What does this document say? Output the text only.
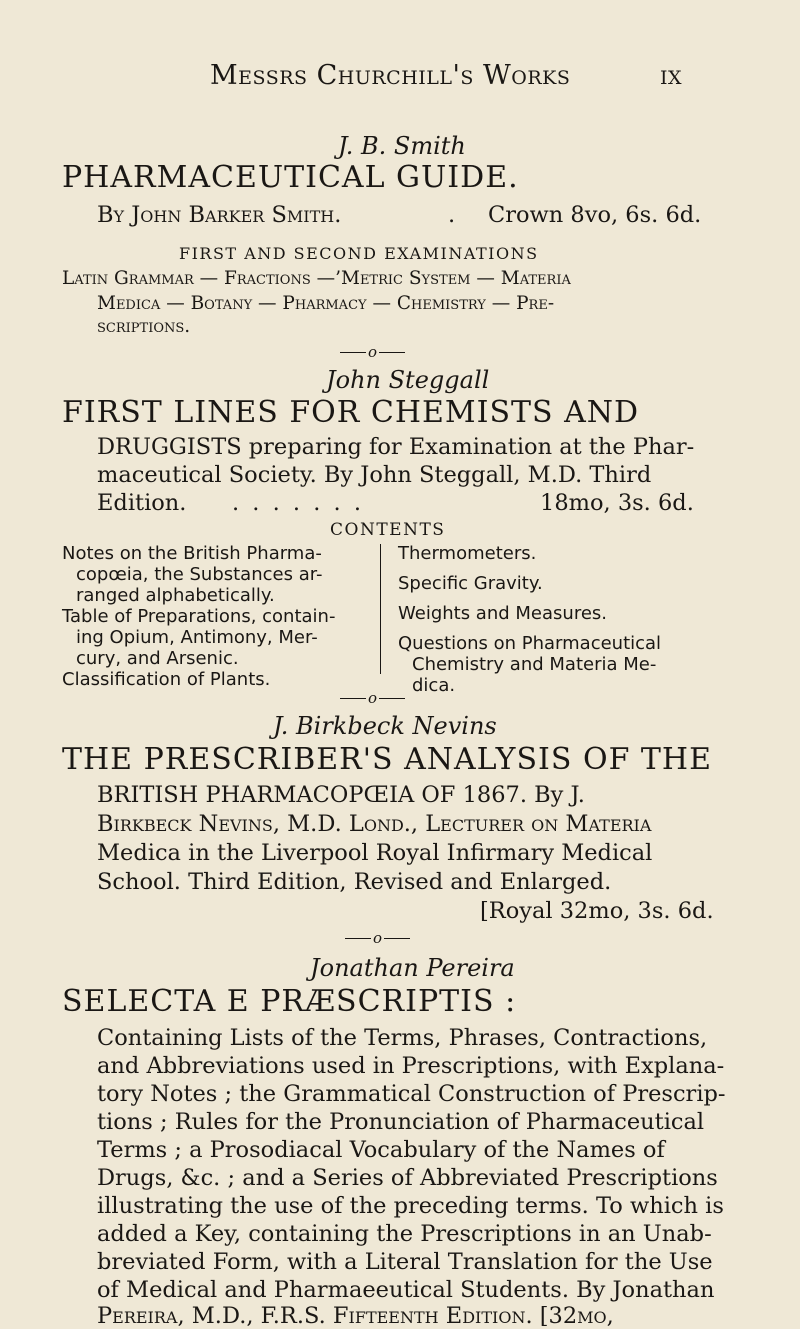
Messrs Churchill's Works	ix
J. B. Smith
PHARMACEUTICAL GUIDE.
By John Barker Smith.	. Crown 8vo, 6s. 6d.
FIRST AND SECOND EXAMINATIONS
Latin Grammar — Fractions —’Metric System — Materia
Medica — Botany — Pharmacy — Chemistry — Pre-
scriptions.
o
John Steggall
FIRST LINES FOR CHEMISTS AND
DRUGGISTS preparing for Examination at the Phar-
maceutical Society. By John Steggall, M.D. Third
Edition. . . . . . . .	18mo, 3s. 6d.
CONTENTS
Notes on the British Pharma-
copœia, the Substances ar-
ranged alphabetically.
Table of Preparations, contain-
ing Opium, Antimony, Mer-
cury, and Arsenic.
Classification of Plants.
Thermometers.
Specific Gravity.
Weights and Measures.
Questions on Pharmaceutical
Chemistry and Materia Me-
dica.
o
J. Birkbeck Nevins
THE PRESCRIBER'S ANALYSIS OF THE
BRITISH PHARMACOPŒIA OF 1867. By J.
Birkbeck Nevins, M.D. Lond., Lecturer on Materia
Medica in the Liverpool Royal Infirmary Medical
School. Third Edition, Revised and Enlarged.
[Royal 32mo, 3s. 6d.
o
Jonathan Pereira
SELECTA E PRÆSCRIPTIS :
Containing Lists of the Terms, Phrases, Contractions,
and Abbreviations used in Prescriptions, with Explana-
tory Notes ; the Grammatical Construction of Prescrip-
tions ; Rules for the Pronunciation of Pharmaceutical
Terms ; a Prosodiacal Vocabulary of the Names of
Drugs, &c. ; and a Series of Abbreviated Prescriptions
illustrating the use of the preceding terms. To which is
added a Key, containing the Prescriptions in an Unab-
breviated Form, with a Literal Translation for the Use
of Medical and Pharmaeeutical Students. By Jonathan
Pereira, M.D., F.R.S. Fifteenth Edition. [32mo,
